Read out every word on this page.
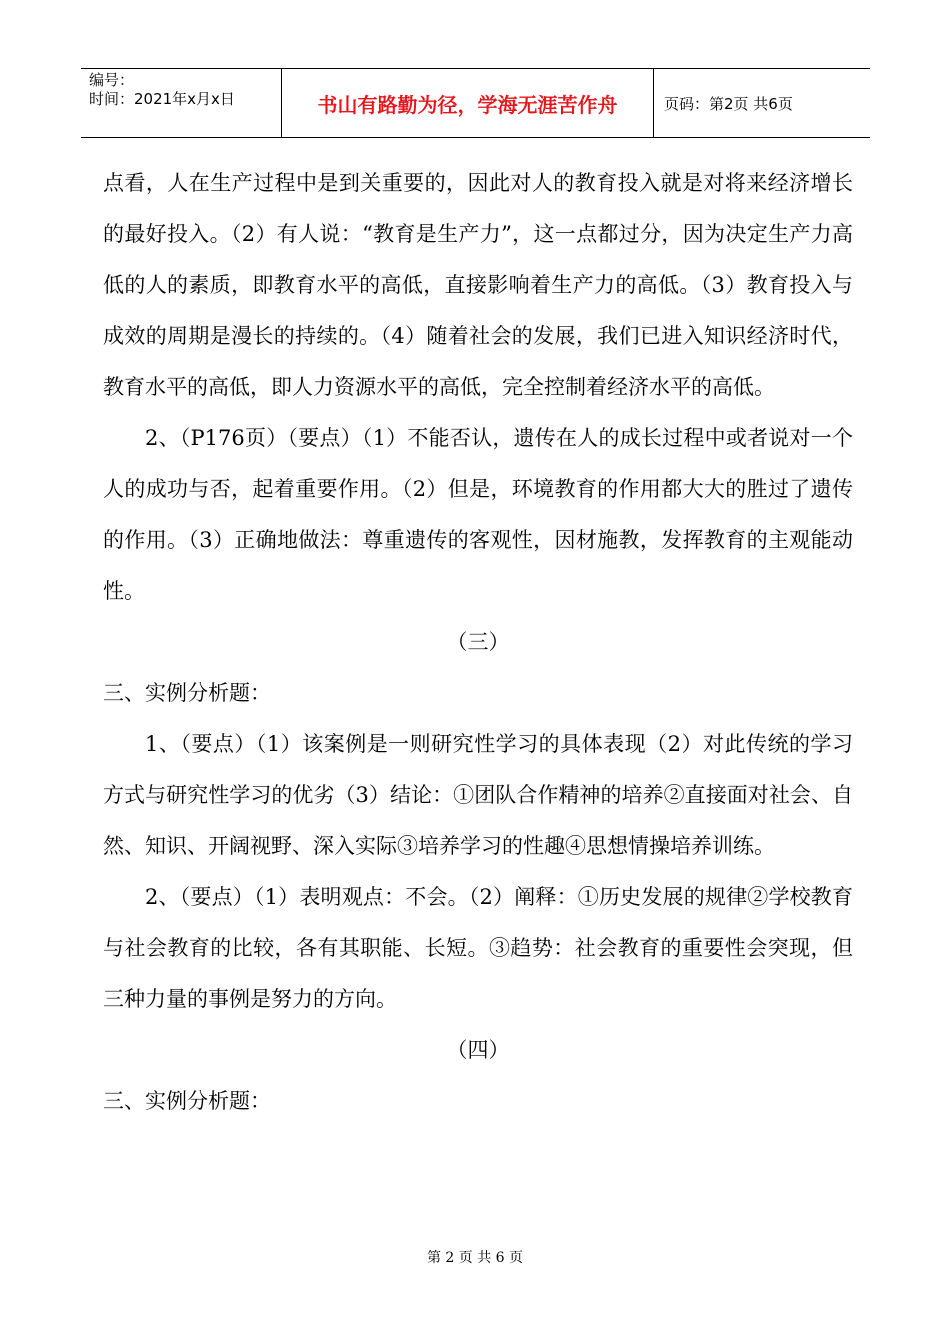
编号：
时间：2021年x月x日	书山有路勤为径，学海无涯苦作舟	页码：第2页 共6页

点看，人在生产过程中是到关重要的，因此对人的教育投入就是对将来经济增长的最好投入。（2）有人说：“教育是生产力”，这一点都过分，因为决定生产力高低的人的素质，即教育水平的高低，直接影响着生产力的高低。（3）教育投入与成效的周期是漫长的持续的。（4）随着社会的发展，我们已进入知识经济时代，教育水平的高低，即人力资源水平的高低，完全控制着经济水平的高低。

2、（P176页）（要点）（1）不能否认，遗传在人的成长过程中或者说对一个人的成功与否，起着重要作用。（2）但是，环境教育的作用都大大的胜过了遗传的作用。（3）正确地做法：尊重遗传的客观性，因材施教，发挥教育的主观能动性。

（三）

三、实例分析题：

1、（要点）（1）该案例是一则研究性学习的具体表现（2）对此传统的学习方式与研究性学习的优劣（3）结论：①团队合作精神的培养②直接面对社会、自然、知识、开阔视野、深入实际③培养学习的性趣④思想情操培养训练。

2、（要点）（1）表明观点：不会。（2）阐释：①历史发展的规律②学校教育与社会教育的比较，各有其职能、长短。③趋势：社会教育的重要性会突现，但三种力量的事例是努力的方向。

（四）

三、实例分析题：

第 2 页 共 6 页
